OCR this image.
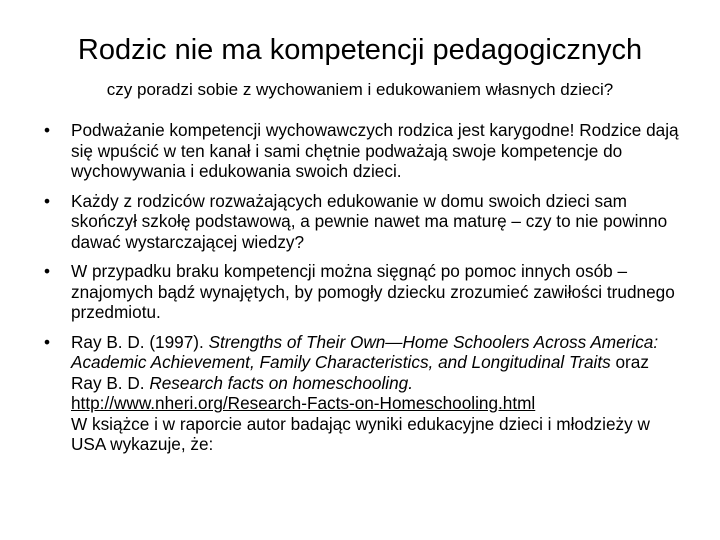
Rodzic nie ma kompetencji pedagogicznych

czy poradzi sobie z wychowaniem i edukowaniem własnych dzieci?

• Podważanie kompetencji wychowawczych rodzica jest karygodne! Rodzice dają się wpuścić w ten kanał i sami chętnie podważają swoje kompetencje do wychowywania i edukowania swoich dzieci.
• Każdy z rodziców rozważających edukowanie w domu swoich dzieci sam skończył szkołę podstawową, a pewnie nawet ma maturę – czy to nie powinno dawać wystarczającej wiedzy?
• W przypadku braku kompetencji można sięgnąć po pomoc innych osób – znajomych bądź wynajętych, by pomogły dziecku zrozumieć zawiłości trudnego przedmiotu.
• Ray B. D. (1997). Strengths of Their Own—Home Schoolers Across America: Academic Achievement, Family Characteristics, and Longitudinal Traits oraz Ray B. D. Research facts on homeschooling.
http://www.nheri.org/Research-Facts-on-Homeschooling.html
W książce i w raporcie autor badając wyniki edukacyjne dzieci i młodzieży w USA wykazuje, że:
